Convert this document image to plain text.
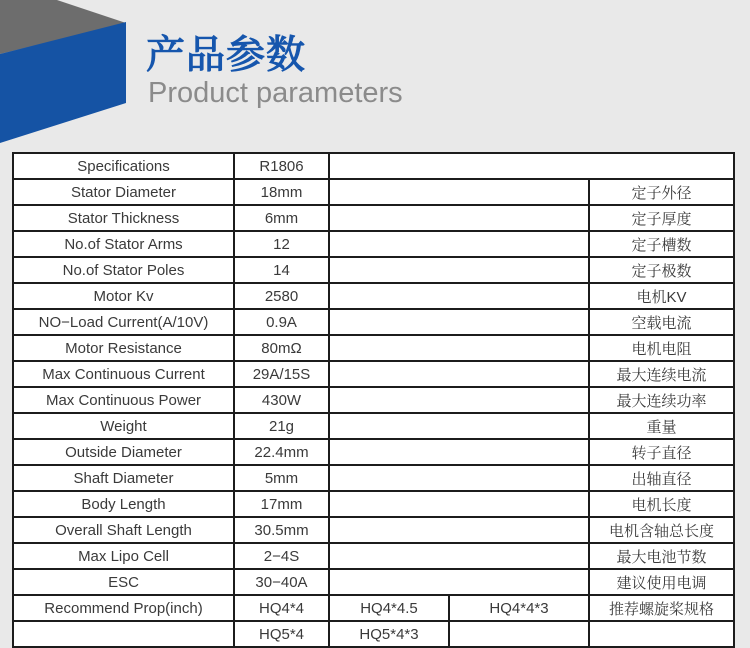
产品参数
Product parameters
Specifications	R1806			
Stator Diameter	18mm			定子外径
Stator Thickness	6mm			定子厚度
No.of Stator Arms	12			定子槽数
No.of Stator Poles	14			定子极数
Motor Kv	2580			电机KV
NO−Load Current(A/10V)	0.9A			空载电流
Motor Resistance	80mΩ			电机电阻
Max Continuous Current	29A/15S			最大连续电流
Max Continuous Power	430W			最大连续功率
Weight	21g			重量
Outside Diameter	22.4mm			转子直径
Shaft Diameter	5mm			出轴直径
Body Length	17mm			电机长度
Overall Shaft Length	30.5mm			电机含轴总长度
Max Lipo Cell	2−4S			最大电池节数
ESC	30−40A			建议使用电调
Recommend Prop(inch)	HQ4*4	HQ4*4.5	HQ4*4*3	推荐螺旋桨规格
	HQ5*4	HQ5*4*3		
